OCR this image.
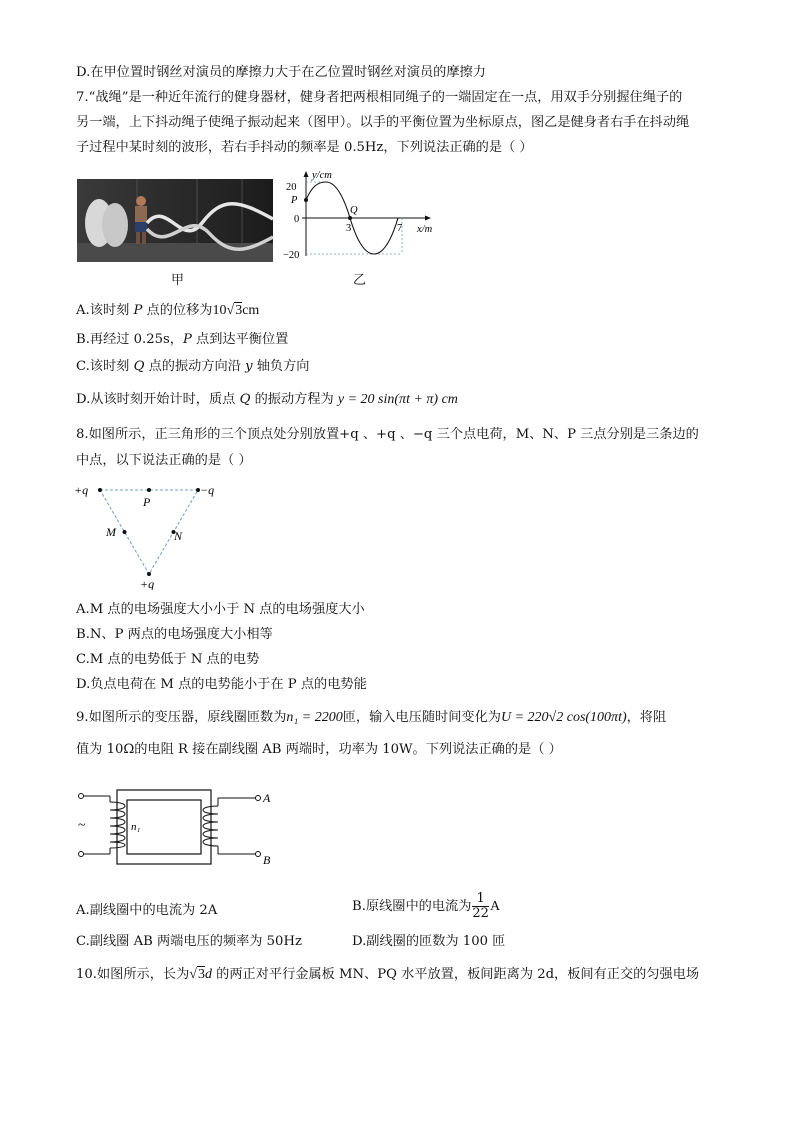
D.在甲位置时钢丝对演员的摩擦力大于在乙位置时钢丝对演员的摩擦力
7.“战绳”是一种近年流行的健身器材，健身者把两根相同绳子的一端固定在一点，用双手分别握住绳子的
另一端，上下抖动绳子使绳子振动起来（图甲）。以手的平衡位置为坐标原点，图乙是健身者右手在抖动绳
子过程中某时刻的波形，若右手抖动的频率是 0.5Hz，下列说法正确的是（ ）
甲
y/cm
20
P
0
−20
Q
3	7 x/m
乙
A.该时刻 P 点的位移为10√3cm
B.再经过 0.25s，P 点到达平衡位置
C.该时刻 Q 点的振动方向沿 y 轴负方向
D.从该时刻开始计时，质点 Q 的振动方程为 y = 20 sin(πt + π) cm
8.如图所示，正三角形的三个顶点处分别放置+q 、+q 、−q 三个点电荷，M、N、P 三点分别是三条边的
中点，以下说法正确的是（ ）
+q	−q
+q
P
M	N
A.M 点的电场强度大小小于 N 点的电场强度大小
B.N、P 两点的电场强度大小相等
C.M 点的电势低于 N 点的电势
D.负点电荷在 M 点的电势能小于在 P 点的电势能
9.如图所示的变压器，原线圈匝数为n₁ = 2200匝，输入电压随时间变化为U = 220√2 cos(100πt)，将阻
值为 10Ω的电阻 R 接在副线圈 AB 两端时，功率为 10W。下列说法正确的是（ ）
~	n₁
A
B
A.副线圈中的电流为 2A	B.原线圈中的电流为 $\frac{1}{22}$ A
C.副线圈 AB 两端电压的频率为 50Hz	D.副线圈的匝数为 100 匝
10.如图所示，长为√3d 的两正对平行金属板 MN、PQ 水平放置，板间距离为 2d，板间有正交的匀强电场
